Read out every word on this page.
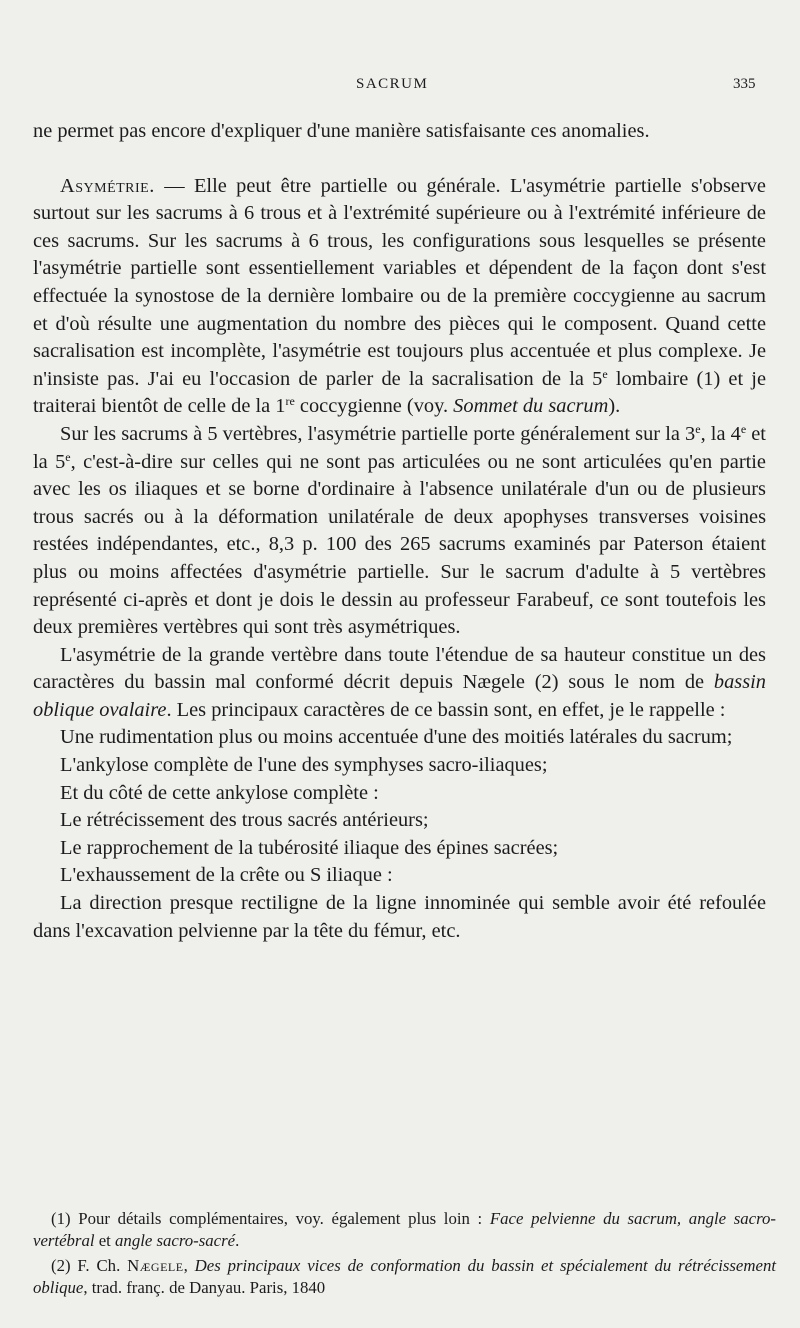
SACRUM	335

ne permet pas encore d'expliquer d'une manière satisfaisante ces anomalies.

Asymétrie. — Elle peut être partielle ou générale. L'asymétrie partielle s'observe surtout sur les sacrums à 6 trous et à l'extrémité supérieure ou à l'extrémité inférieure de ces sacrums. Sur les sacrums à 6 trous, les configurations sous lesquelles se présente l'asymétrie partielle sont essentiellement variables et dépendent de la façon dont s'est effectuée la synostose de la dernière lombaire ou de la première coccygienne au sacrum et d'où résulte une augmentation du nombre des pièces qui le composent. Quand cette sacralisation est incomplète, l'asymétrie est toujours plus accentuée et plus complexe. Je n'insiste pas. J'ai eu l'occasion de parler de la sacralisation de la 5e lombaire (1) et je traiterai bientôt de celle de la 1re coccygienne (voy. Sommet du sacrum).

Sur les sacrums à 5 vertèbres, l'asymétrie partielle porte généralement sur la 3e, la 4e et la 5e, c'est-à-dire sur celles qui ne sont pas articulées ou ne sont articulées qu'en partie avec les os iliaques et se borne d'ordinaire à l'absence unilatérale d'un ou de plusieurs trous sacrés ou à la déformation unilatérale de deux apophyses transverses voisines restées indépendantes, etc., 8,3 p. 100 des 265 sacrums examinés par Paterson étaient plus ou moins affectées d'asymétrie partielle. Sur le sacrum d'adulte à 5 vertèbres représenté ci-après et dont je dois le dessin au professeur Farabeuf, ce sont toutefois les deux premières vertèbres qui sont très asymétriques.

L'asymétrie de la grande vertèbre dans toute l'étendue de sa hauteur constitue un des caractères du bassin mal conformé décrit depuis Nægele (2) sous le nom de bassin oblique ovalaire. Les principaux caractères de ce bassin sont, en effet, je le rappelle :

Une rudimentation plus ou moins accentuée d'une des moitiés latérales du sacrum;

L'ankylose complète de l'une des symphyses sacro-iliaques;

Et du côté de cette ankylose complète :

Le rétrécissement des trous sacrés antérieurs;

Le rapprochement de la tubérosité iliaque des épines sacrées;

L'exhaussement de la crête ou S iliaque :

La direction presque rectiligne de la ligne innominée qui semble avoir été refoulée dans l'excavation pelvienne par la tête du fémur, etc.

(1) Pour détails complémentaires, voy. également plus loin : Face pelvienne du sacrum, angle sacro-vertébral et angle sacro-sacré.

(2) F. Ch. Nægele, Des principaux vices de conformation du bassin et spécialement du rétrécissement oblique, trad. franç. de Danyau. Paris, 1840
